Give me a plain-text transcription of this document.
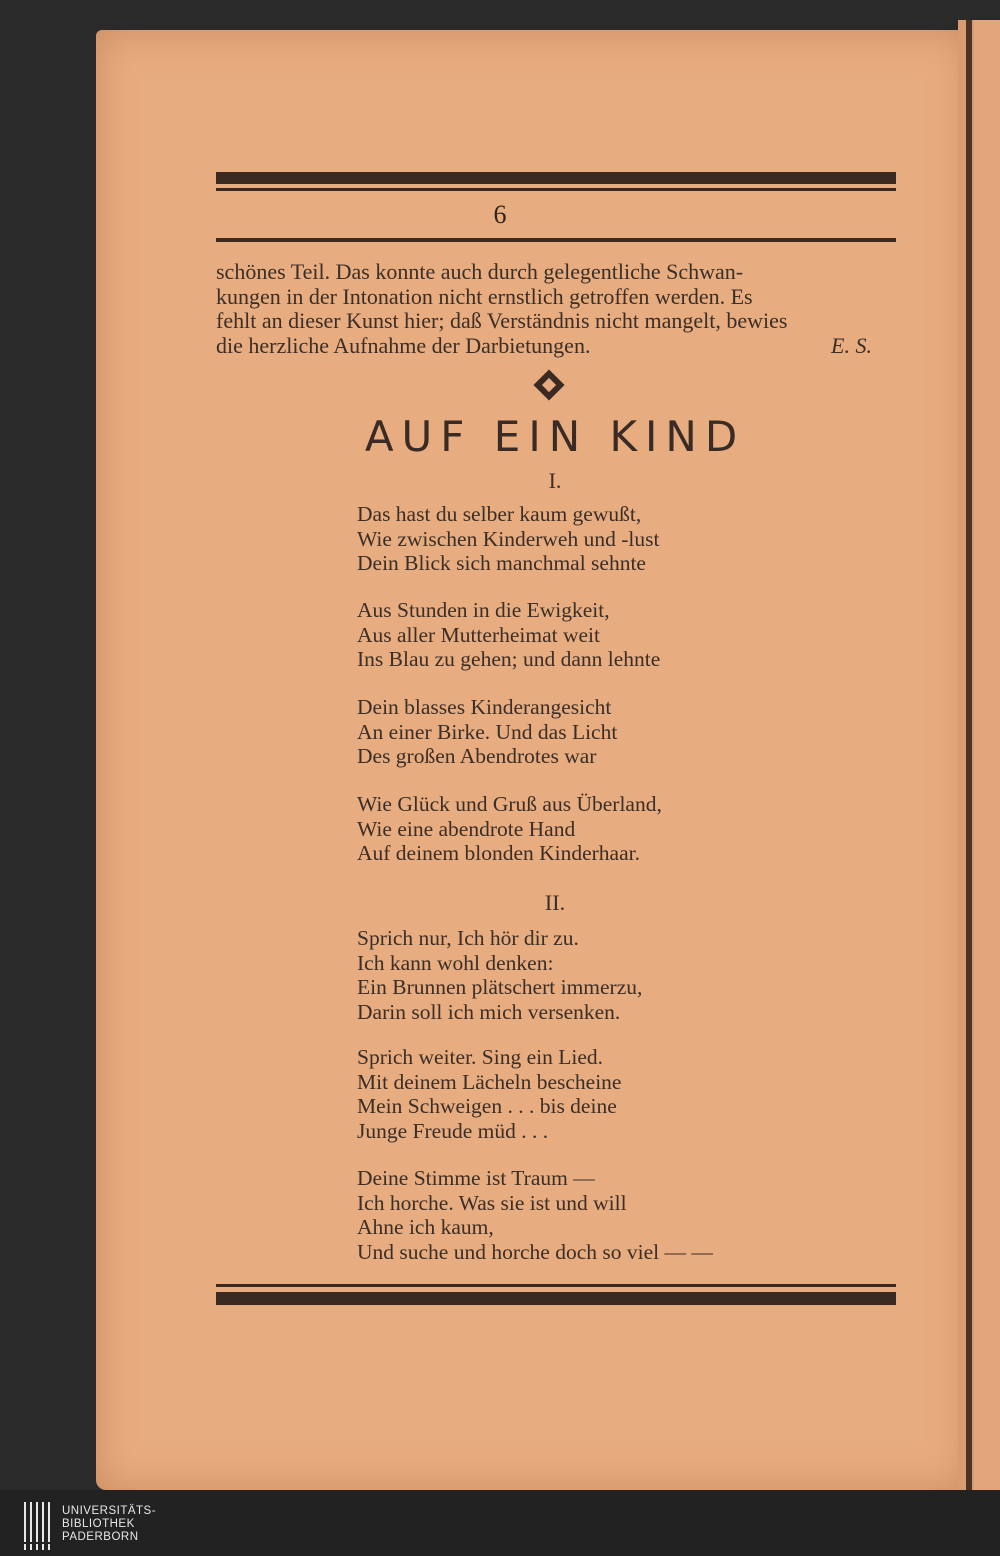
6
schönes Teil. Das konnte auch durch gelegentliche Schwan-
kungen in der Intonation nicht ernstlich getroffen werden. Es
fehlt an dieser Kunst hier; daß Verständnis nicht mangelt, bewies
die herzliche Aufnahme der Darbietungen.	E. S.
AUF EIN KIND
I.
Das hast du selber kaum gewußt,
Wie zwischen Kinderweh und -lust
Dein Blick sich manchmal sehnte
Aus Stunden in die Ewigkeit,
Aus aller Mutterheimat weit
Ins Blau zu gehen; und dann lehnte
Dein blasses Kinderangesicht
An einer Birke. Und das Licht
Des großen Abendrotes war
Wie Glück und Gruß aus Überland,
Wie eine abendrote Hand
Auf deinem blonden Kinderhaar.
II.
Sprich nur, Ich hör dir zu.
Ich kann wohl denken:
Ein Brunnen plätschert immerzu,
Darin soll ich mich versenken.
Sprich weiter. Sing ein Lied.
Mit deinem Lächeln bescheine
Mein Schweigen . . . bis deine
Junge Freude müd . . .
Deine Stimme ist Traum —
Ich horche. Was sie ist und will
Ahne ich kaum,
Und suche und horche doch so viel — —
UNIVERSITÄTS-
BIBLIOTHEK
PADERBORN
